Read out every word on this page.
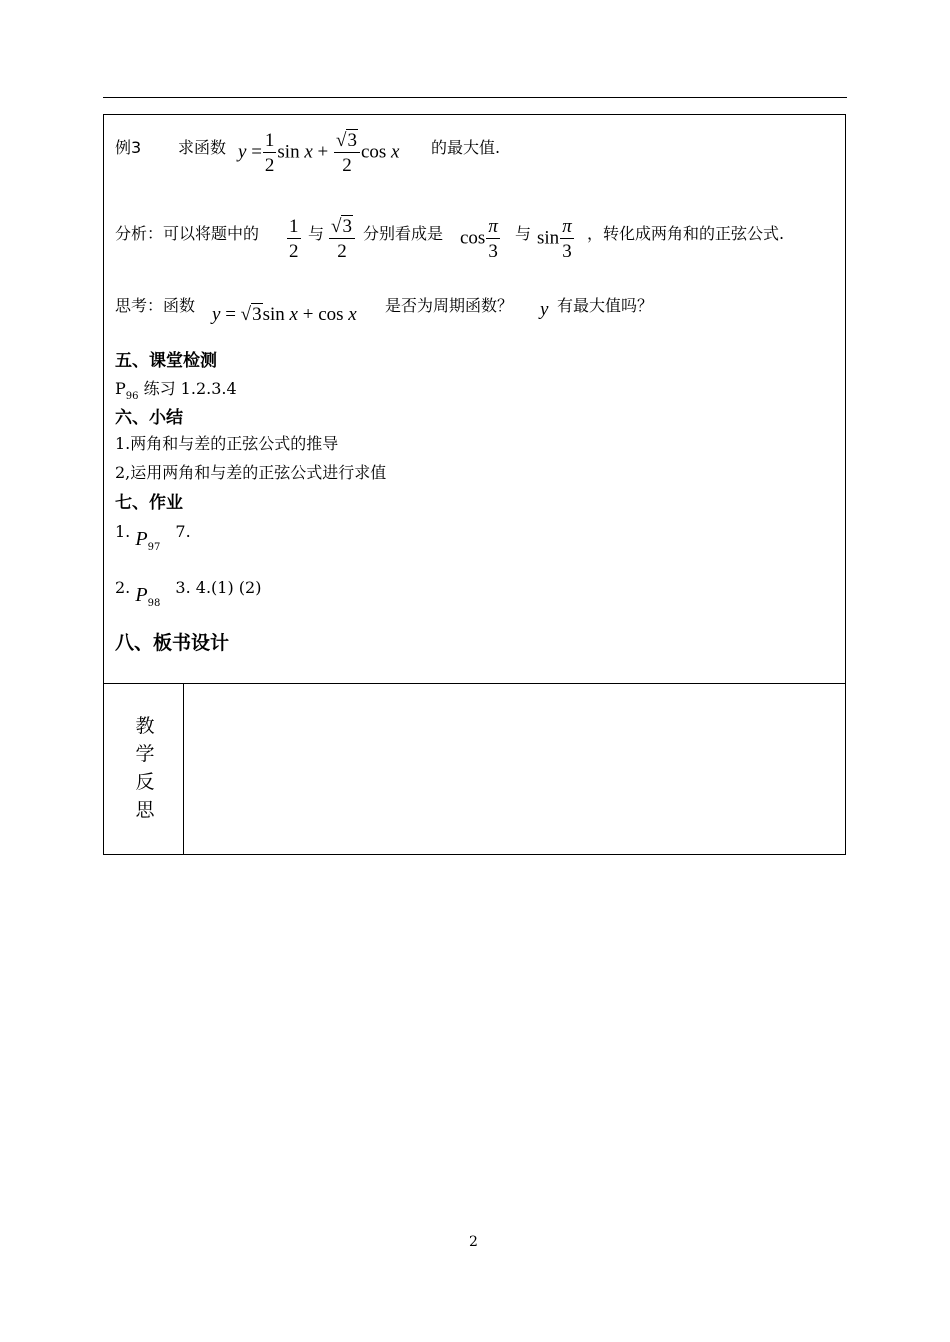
例3 求函数 $y = \frac{1}{2}$ $\sin x + \frac{√3}{2}$ cos x 的最大值.
分析：可以将题中的 $\frac{1}{2}$ 与 $\frac{√3}{2}$ 分别看成是 $\cos \frac{\pi}{3}$ 与 $\sin \frac{\pi}{3}$ ，转化成两角和的正弦公式.
思考：函数 y = √3sin x + cos x 是否为周期函数？ y 有最大值吗？
五、课堂检测
$P_{96}$ 练习 1.2.3.4
六、小结
1.两角和与差的正弦公式的推导
2,运用两角和与差的正弦公式进行求值
七、作业
1. $P_{97}$ 7.
2. $P_{98}$ 3. 4.(1) (2)
八、板书设计
教
学
反
思
2
